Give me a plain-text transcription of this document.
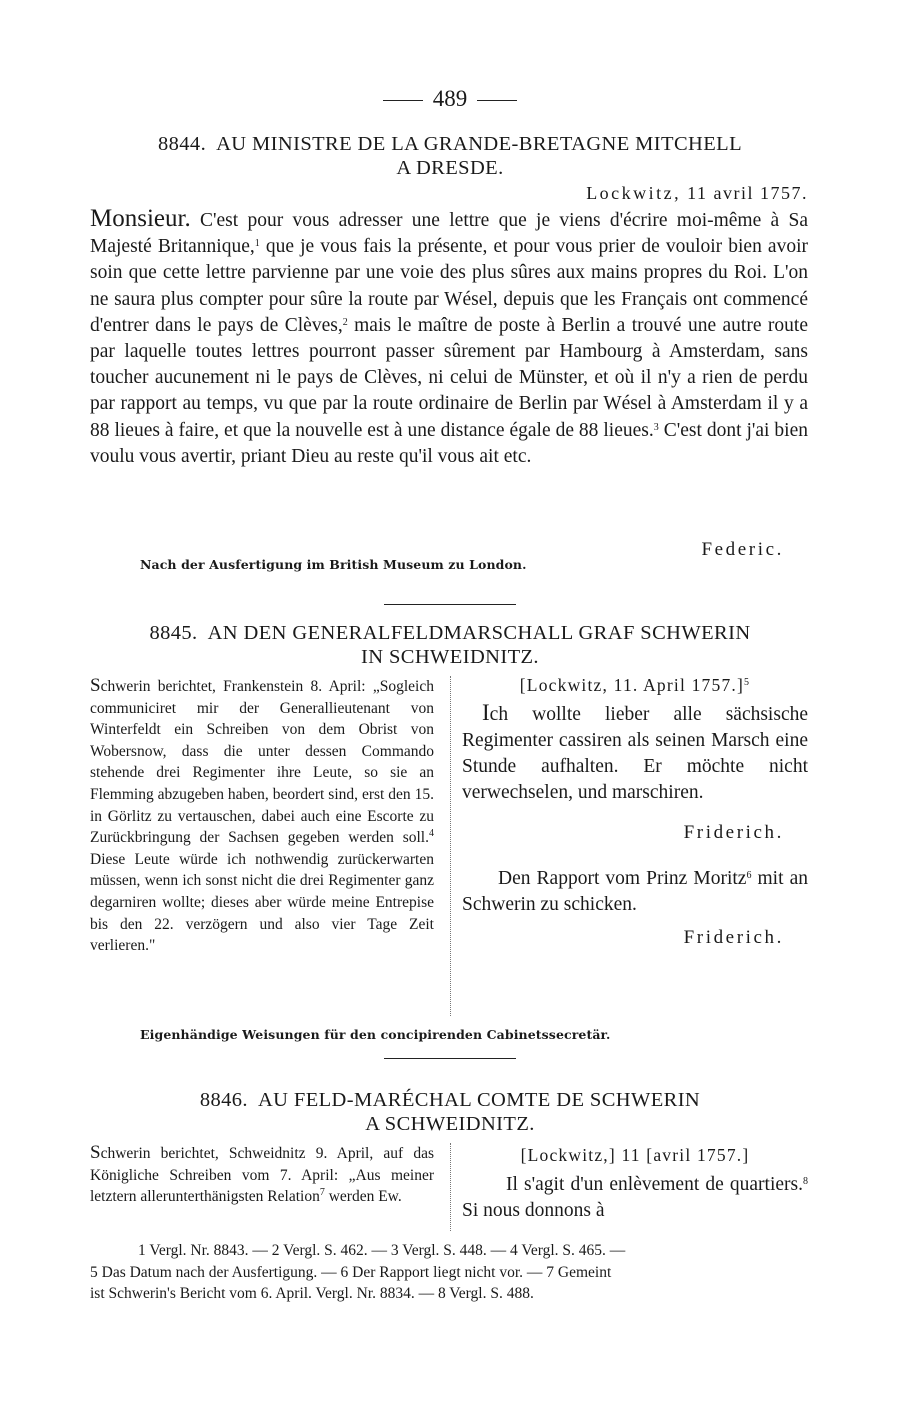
489
8844. AU MINISTRE DE LA GRANDE-BRETAGNE MITCHELL
A DRESDE.
Lockwitz, 11 avril 1757.

Monsieur. C'est pour vous adresser une lettre que je viens d'écrire moi-même à Sa Majesté Britannique,$^1$ que je vous fais la présente, et pour vous prier de vouloir bien avoir soin que cette lettre parvienne par une voie des plus sûres aux mains propres du Roi. L'on ne saura plus compter pour sûre la route par Wésel, depuis que les Français ont commencé d'entrer dans le pays de Clèves,$^2$ mais le maître de poste à Berlin a trouvé une autre route par laquelle toutes lettres pourront passer sûrement par Hambourg à Amsterdam, sans toucher aucunement ni le pays de Clèves, ni celui de Münster, et où il n'y a rien de perdu par rapport au temps, vu que par la route ordinaire de Berlin par Wésel à Amsterdam il y a 88 lieues à faire, et que la nouvelle est à une distance égale de 88 lieues.$^3$ C'est dont j'ai bien voulu vous avertir, priant Dieu au reste qu'il vous ait etc.

Federic.
Nach der Ausfertigung im British Museum zu London.
8845. AN DEN GENERALFELDMARSCHALL GRAF SCHWERIN
IN SCHWEIDNITZ.

Schwerin berichtet, Frankenstein 8. April: „Sogleich communiciret mir der Generallieutenant von Winterfeldt ein Schreiben von dem Obrist von Wobersnow, dass die unter dessen Commando stehende drei Regimenter ihre Leute, so sie an Flemming abzugeben haben, beordert sind, erst den 15. in Görlitz zu vertauschen, dabei auch eine Escorte zu Zurückbringung der Sachsen gegeben werden soll.$^4$ Diese Leute würde ich nothwendig zurückerwarten müssen, wenn ich sonst nicht die drei Regimenter ganz degarniren wollte; dieses aber würde meine Entrepise bis den 22. verzögern und also vier Tage Zeit verlieren."

[Lockwitz, 11. April 1757.]$^5$

Ich wollte lieber alle sächsische Regimenter cassiren als seinen Marsch eine Stunde aufhalten. Er möchte nicht verwechselen, und marschiren.

Friderich.

Den Rapport vom Prinz Moritz$^6$ mit an Schwerin zu schicken.

Friderich.
Eigenhändige Weisungen für den concipirenden Cabinetssecretär.
8846. AU FELD-MARÉCHAL COMTE DE SCHWERIN
A SCHWEIDNITZ.

Schwerin berichtet, Schweidnitz 9. April, auf das Königliche Schreiben vom 7. April: „Aus meiner letztern allerunterthänigsten Relation$^7$ werden Ew.

[Lockwitz,] 11 [avril 1757.]

Il s'agit d'un enlèvement de quartiers.$^8$ Si nous donnons à

1 Vergl. Nr. 8843. — 2 Vergl. S. 462. — 3 Vergl. S. 448. — 4 Vergl. S. 465. —

5 Das Datum nach der Ausfertigung. — 6 Der Rapport liegt nicht vor. — 7 Gemeint

ist Schwerin's Bericht vom 6. April. Vergl. Nr. 8834. — 8 Vergl. S. 488.
